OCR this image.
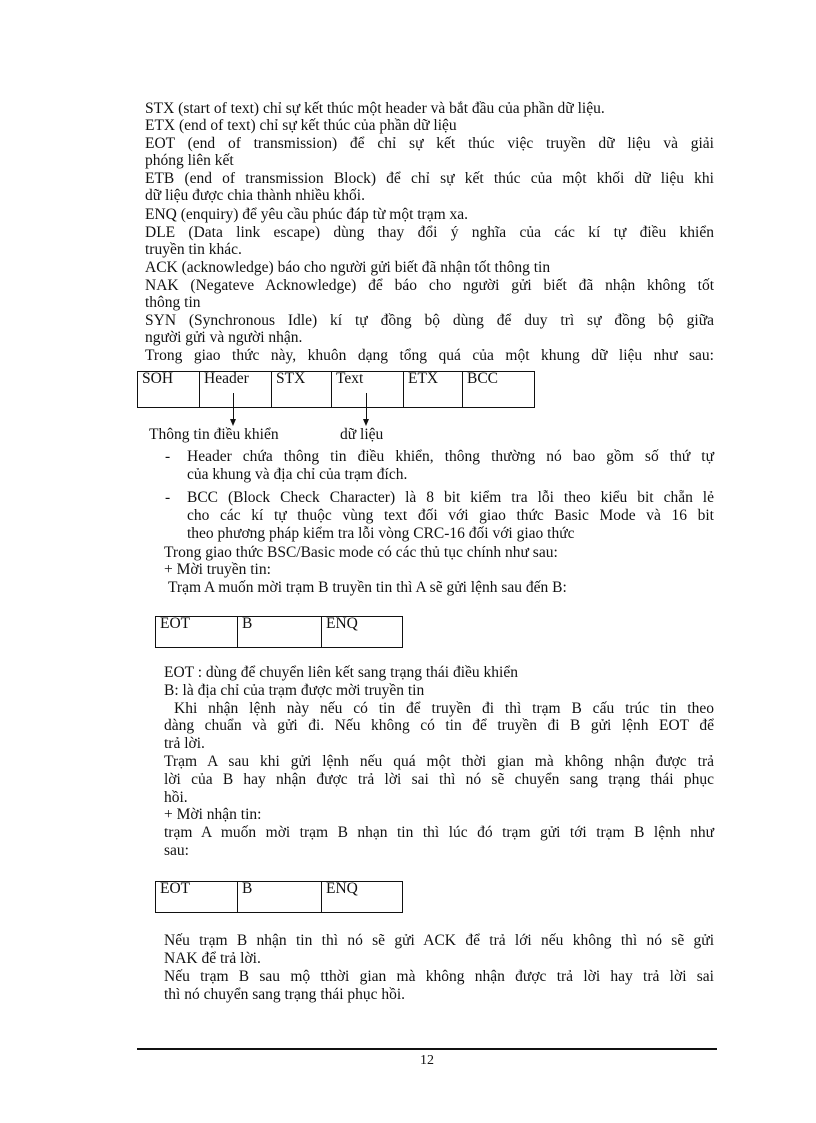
STX (start of text) chỉ sự kết thúc một header và bắt đầu của phần dữ liệu.
ETX (end of text) chỉ sự kết thúc của phần dữ liệu
EOT (end of transmission) để chỉ sự kết thúc việc truyền dữ liệu và giải
phóng liên kết
ETB (end of transmission Block) để chỉ sự kết thúc của một khối dữ liệu khi
dữ liệu được chia thành nhiều khối.
ENQ (enquiry) để yêu cầu phúc đáp từ một trạm xa.
DLE (Data link escape) dùng thay đổi ý nghĩa của các kí tự điều khiển
truyền tin khác.
ACK (acknowledge) báo cho người gửi biết đã nhận tốt thông tin
NAK (Negateve Acknowledge) để báo cho người gửi biết đã nhận không tốt
thông tin
SYN (Synchronous Idle) kí tự đồng bộ dùng để duy trì sự đồng bộ giữa
người gửi và người nhận.
Trong giao thức này, khuôn dạng tổng quá của một khung dữ liệu như sau:
SOH	Header	STX	Text	ETX	BCC
Thông tin điều khiển	dữ liệu
- Header chứa thông tin điều khiển, thông thường nó bao gồm số thứ tự
của khung và địa chỉ của trạm đích.
- BCC (Block Check Character) là 8 bit kiểm tra lỗi theo kiểu bit chẵn lẻ
cho các kí tự thuộc vùng text đối với giao thức Basic Mode và 16 bit
theo phương pháp kiểm tra lỗi vòng CRC-16 đối với giao thức
Trong giao thức BSC/Basic mode có các thủ tục chính như sau:
+ Mời truyền tin:
Trạm A muốn mời trạm B truyền tin thì A sẽ gửi lệnh sau đến B:
EOT	B	ENQ
EOT : dùng để chuyển liên kết sang trạng thái điều khiển
B: là địa chỉ của trạm được mời truyền tin
Khi nhận lệnh này nếu có tin để truyền đi thì trạm B cấu trúc tin theo
dàng chuẩn và gửi đi. Nếu không có tin để truyền đi B gửi lệnh EOT để
trả lời.
Trạm A sau khi gửi lệnh nếu quá một thời gian mà không nhận được trả
lời của B hay nhận được trả lời sai thì nó sẽ chuyển sang trạng thái phục
hồi.
+ Mời nhận tin:
trạm A muốn mời trạm B nhạn tin thì lúc đó trạm gửi tới trạm B lệnh như
sau:
EOT	B	ENQ
Nếu trạm B nhận tin thì nó sẽ gửi ACK để trả lới nếu không thì nó sẽ gửi
NAK để trả lời.
Nếu trạm B sau mộ tthời gian mà không nhận được trả lời hay trả lời sai
thì nó chuyển sang trạng thái phục hồi.
12
